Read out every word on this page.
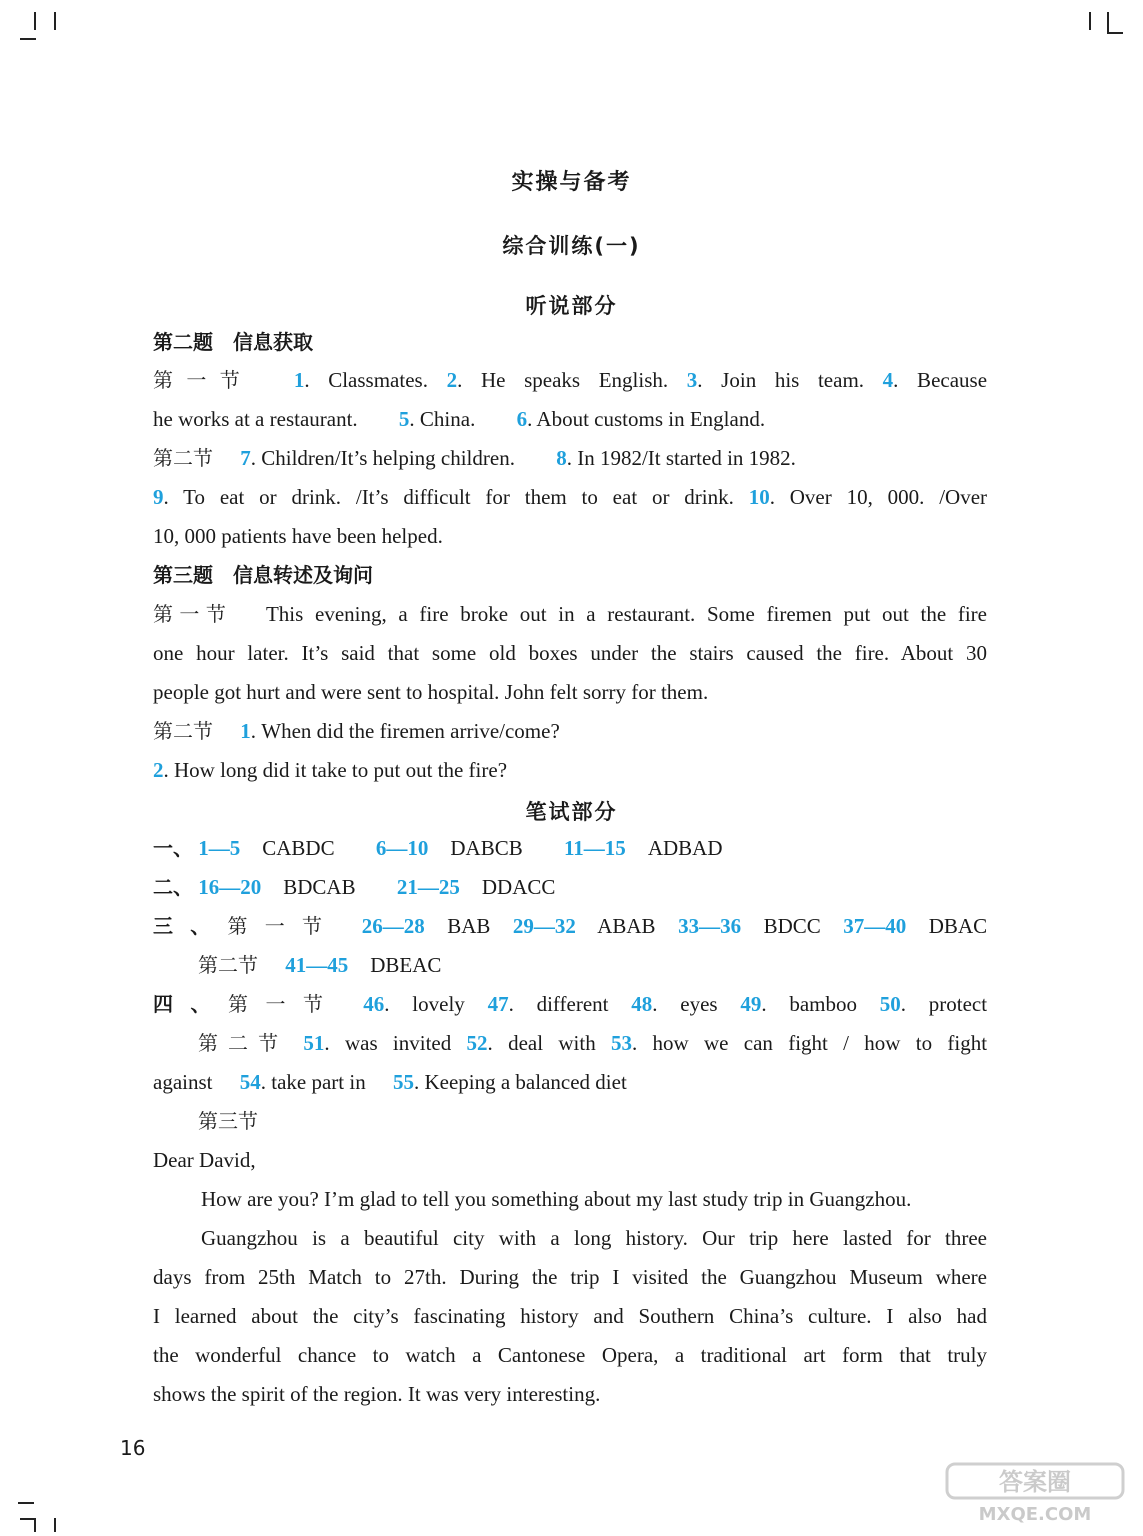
实操与备考
综合训练(一)
听说部分
第二题　信息获取
第一节 1. Classmates. 2. He speaks English. 3. Join his team. 4. Because
he works at a restaurant. 5. China. 6. About customs in England.
第二节 7. Children/It’s helping children. 8. In 1982/It started in 1982.
9. To eat or drink. /It’s difficult for them to eat or drink. 10. Over 10, 000. /Over
10, 000 patients have been helped.
第三题　信息转述及询问
第一节 This evening, a fire broke out in a restaurant. Some firemen put out the fire
one hour later. It’s said that some old boxes under the stairs caused the fire. About 30
people got hurt and were sent to hospital. John felt sorry for them.
第二节 1. When did the firemen arrive/come?
2. How long did it take to put out the fire?
笔试部分
一、 1—5 CABDC 6—10 DABCB 11—15 ADBAD
二、 16—20 BDCAB 21—25 DDACC
三、第一节 26—28 BAB 29—32 ABAB 33—36 BDCC 37—40 DBAC
第二节 41—45 DBEAC
四、第一节 46. lovely 47. different 48. eyes 49. bamboo 50. protect
第二节 51. was invited 52. deal with 53. how we can fight / how to fight
against 54. take part in 55. Keeping a balanced diet
第三节
Dear David,
How are you? I’m glad to tell you something about my last study trip in Guangzhou.
Guangzhou is a beautiful city with a long history. Our trip here lasted for three
days from 25th Match to 27th. During the trip I visited the Guangzhou Museum where
I learned about the city’s fascinating history and Southern China’s culture. I also had
the wonderful chance to watch a Cantonese Opera, a traditional art form that truly
shows the spirit of the region. It was very interesting.
16
答案圈
MXQE.COM
